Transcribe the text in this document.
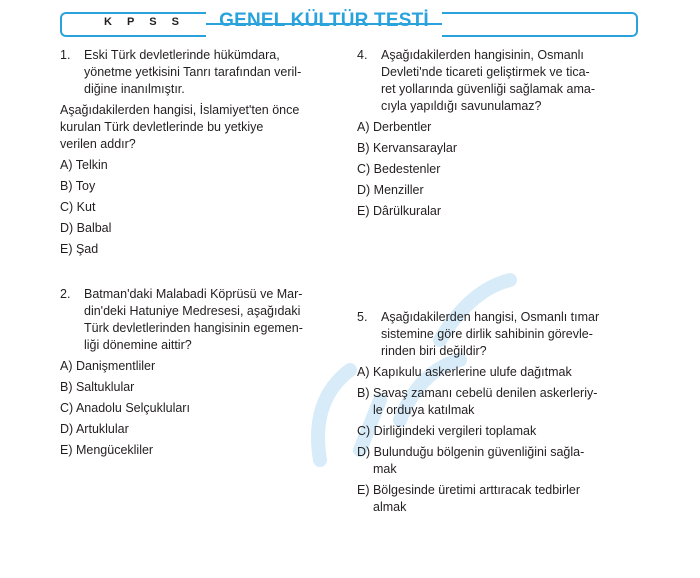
K P S S	GENEL KÜLTÜR TESTİ
1. Eski Türk devletlerinde hükümdara,
yönetme yetkisini Tanrı tarafından veril-
diğine inanılmıştır.
Aşağıdakilerden hangisi, İslamiyet'ten önce
kurulan Türk devletlerinde bu yetkiye
verilen addır?
A) Telkin
B) Toy
C) Kut
D) Balbal
E) Şad
2. Batman'daki Malabadi Köprüsü ve Mar-
din'deki Hatuniye Medresesi, aşağıdaki
Türk devletlerinden hangisinin egemen-
liği dönemine aittir?
A) Danişmentliler
B) Saltuklular
C) Anadolu Selçukluları
D) Artuklular
E) Mengücekliler
4. Aşağıdakilerden hangisinin, Osmanlı
Devleti'nde ticareti geliştirmek ve tica-
ret yollarında güvenliği sağlamak ama-
cıyla yapıldığı savunulamaz?
A) Derbentler
B) Kervansaraylar
C) Bedestenler
D) Menziller
E) Dârülkuralar
5. Aşağıdakilerden hangisi, Osmanlı tımar
sistemine göre dirlik sahibinin görevle-
rinden biri değildir?
A) Kapıkulu askerlerine ulufe dağıtmak
B) Savaş zamanı cebelü denilen askerleriy-
le orduya katılmak
C) Dirliğindeki vergileri toplamak
D) Bulunduğu bölgenin güvenliğini sağla-
mak
E) Bölgesinde üretimi arttıracak tedbirler
almak
